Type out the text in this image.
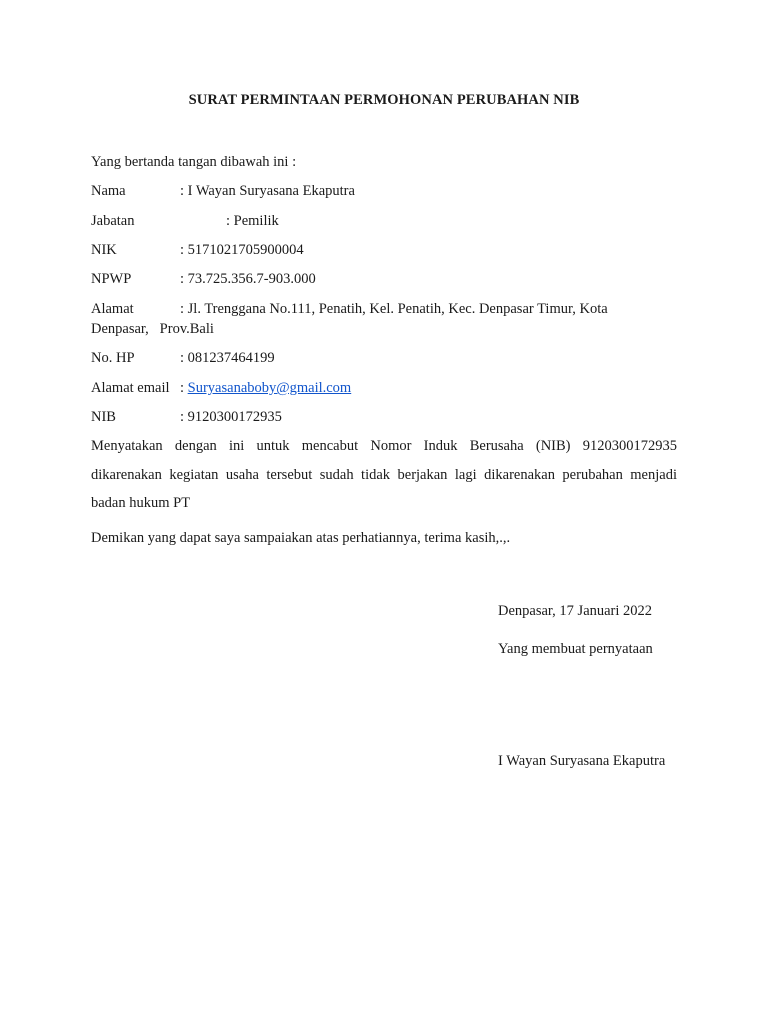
SURAT PERMINTAAN PERMOHONAN PERUBAHAN NIB
Yang bertanda tangan dibawah ini :
Nama	: I Wayan Suryasana Ekaputra
Jabatan	: Pemilik
NIK	: 5171021705900004
NPWP	: 73.725.356.7-903.000
Alamat	: Jl. Trenggana No.111, Penatih, Kel. Penatih, Kec. Denpasar Timur, Kota
Denpasar,   Prov.Bali
No. HP	: 081237464199
Alamat email : Suryasanaboby@gmail.com
NIB	: 9120300172935
Menyatakan dengan ini untuk mencabut Nomor Induk Berusaha (NIB) 9120300172935
dikarenakan kegiatan usaha tersebut sudah tidak berjakan lagi dikarenakan perubahan menjadi
badan hukum PT
Demikan yang dapat saya sampaiakan atas perhatiannya, terima kasih,.,.
Denpasar, 17 Januari 2022
Yang membuat pernyataan
I Wayan Suryasana Ekaputra
